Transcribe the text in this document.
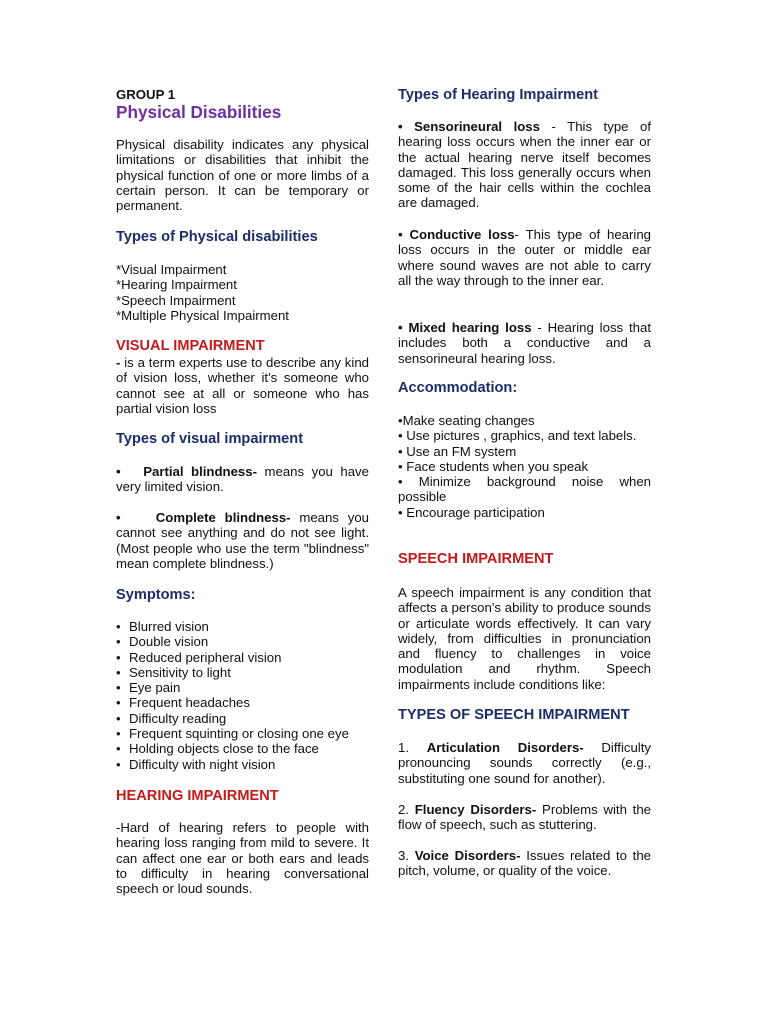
GROUP 1
Physical Disabilities

Physical disability indicates any physical limitations or disabilities that inhibit the physical function of one or more limbs of a certain person. It can be temporary or permanent.

Types of Physical disabilities
*Visual Impairment
*Hearing Impairment
*Speech Impairment
*Multiple Physical Impairment
VISUAL IMPAIRMENT

- is a term experts use to describe any kind of vision loss, whether it's someone who cannot see at all or someone who has partial vision loss

Types of visual impairment

• Partial blindness- means you have very limited vision.

•	Complete blindness- means you cannot see anything and do not see light. (Most people who use the term "blindness" mean complete blindness.)

Symptoms:
• Blurred vision
• Double vision
• Reduced peripheral vision
• Sensitivity to light
• Eye pain
• Frequent headaches
• Difficulty reading
• Frequent squinting or closing one eye
• Holding objects close to the face
• Difficulty with night vision
HEARING IMPAIRMENT

-Hard of hearing refers to people with hearing loss ranging from mild to severe. It can affect one ear or both ears and leads to difficulty in hearing conversational speech or loud sounds.

Types of Hearing Impairment

• Sensorineural loss - This type of hearing loss occurs when the inner ear or the actual hearing nerve itself becomes damaged. This loss generally occurs when some of the hair cells within the cochlea are damaged.

• Conductive loss- This type of hearing loss occurs in the outer or middle ear where sound waves are not able to carry all the way through to the inner ear.

• Mixed hearing loss - Hearing loss that includes both a conductive and a sensorineural hearing loss.

Accommodation:
•Make seating changes
• Use pictures , graphics, and text labels.
• Use an FM system
• Face students when you speak
• Minimize background noise when possible
• Encourage participation
SPEECH IMPAIRMENT

A speech impairment is any condition that affects a person's ability to produce sounds or articulate words effectively. It can vary widely, from difficulties in pronunciation and fluency to challenges in voice modulation and rhythm. Speech impairments include conditions like:

TYPES OF SPEECH IMPAIRMENT

1. Articulation Disorders- Difficulty pronouncing sounds correctly (e.g., substituting one sound for another).

2. Fluency Disorders- Problems with the flow of speech, such as stuttering.

3. Voice Disorders- Issues related to the pitch, volume, or quality of the voice.
